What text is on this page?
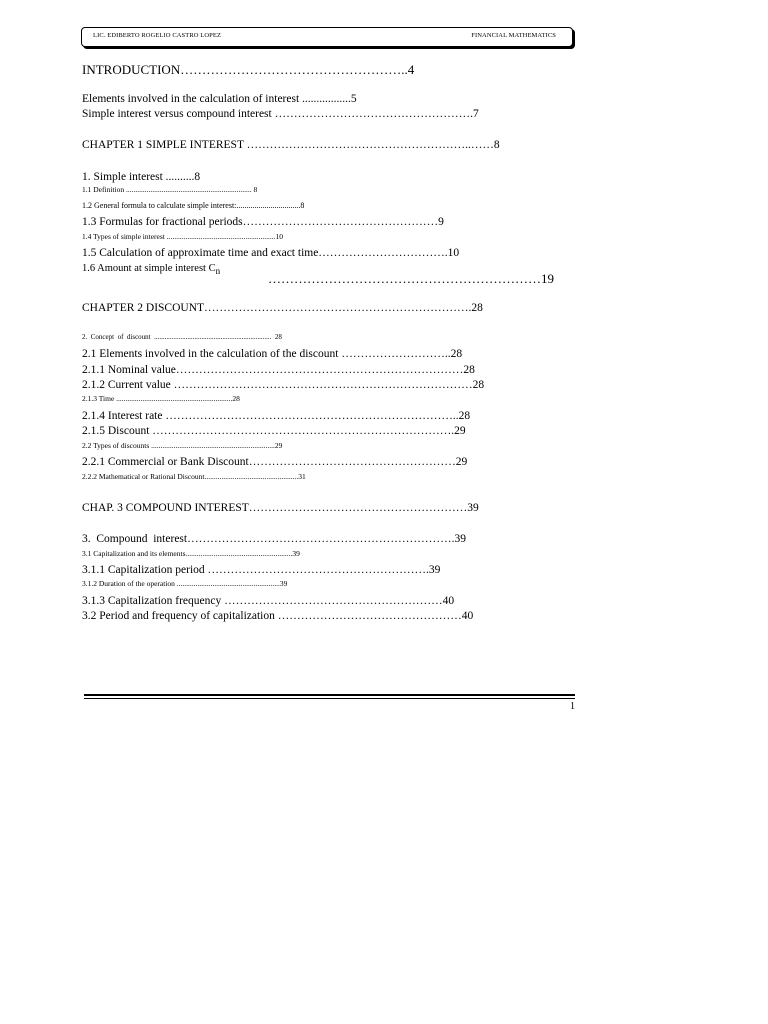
LIC. EDIBERTO ROGELIO CASTRO LOPEZ	FINANCIAL MATHEMATICS
INTRODUCTION……………………………………………..4
Elements involved in the calculation of interest .................5
Simple interest versus compound interest …………………………………………….7
CHAPTER 1 SIMPLE INTEREST …………………………………………………..……8
1. Simple interest ..........8
1.1 Definition ................................................................... 8
1.2 General formula to calculate simple interest:................................8
1.3 Formulas for fractional periods……………………………………………9
1.4 Types of simple interest ..........................................................10
1.5 Calculation of approximate time and exact time…………………………….10
1.6 Amount at simple interest $C_n$	………………………………………………………19
CHAPTER 2 DISCOUNT…………………………………………………………….28
2.  Concept  of  discount  ...................................................................  28
2.1 Elements involved in the calculation of the discount ………………………..28
2.1.1 Nominal value…………………………………………………………………28
2.1.2 Current value ……………………………………………………………………28
2.1.3 Time ..............................................................28
2.1.4 Interest rate …………………………………………………………………..28
2.1.5 Discount …………………………………………………………………….29
2.2 Types of discounts ..................................................................29
2.2.1 Commercial or Bank Discount………………………………………………29
2.2.2 Mathematical or Rational Discount..................................................31
CHAP. 3 COMPOUND INTEREST…………………………………………………39
3.  Compound  interest…………………………………………………………….39
3.1 Capitalization and its elements.........................................................39
3.1.1 Capitalization period ………………………………………………….39
3.1.2 Duration of the operation .......................................................39
3.1.3 Capitalization frequency …………………………………………………40
3.2 Period and frequency of capitalization …………………………………………40
1
